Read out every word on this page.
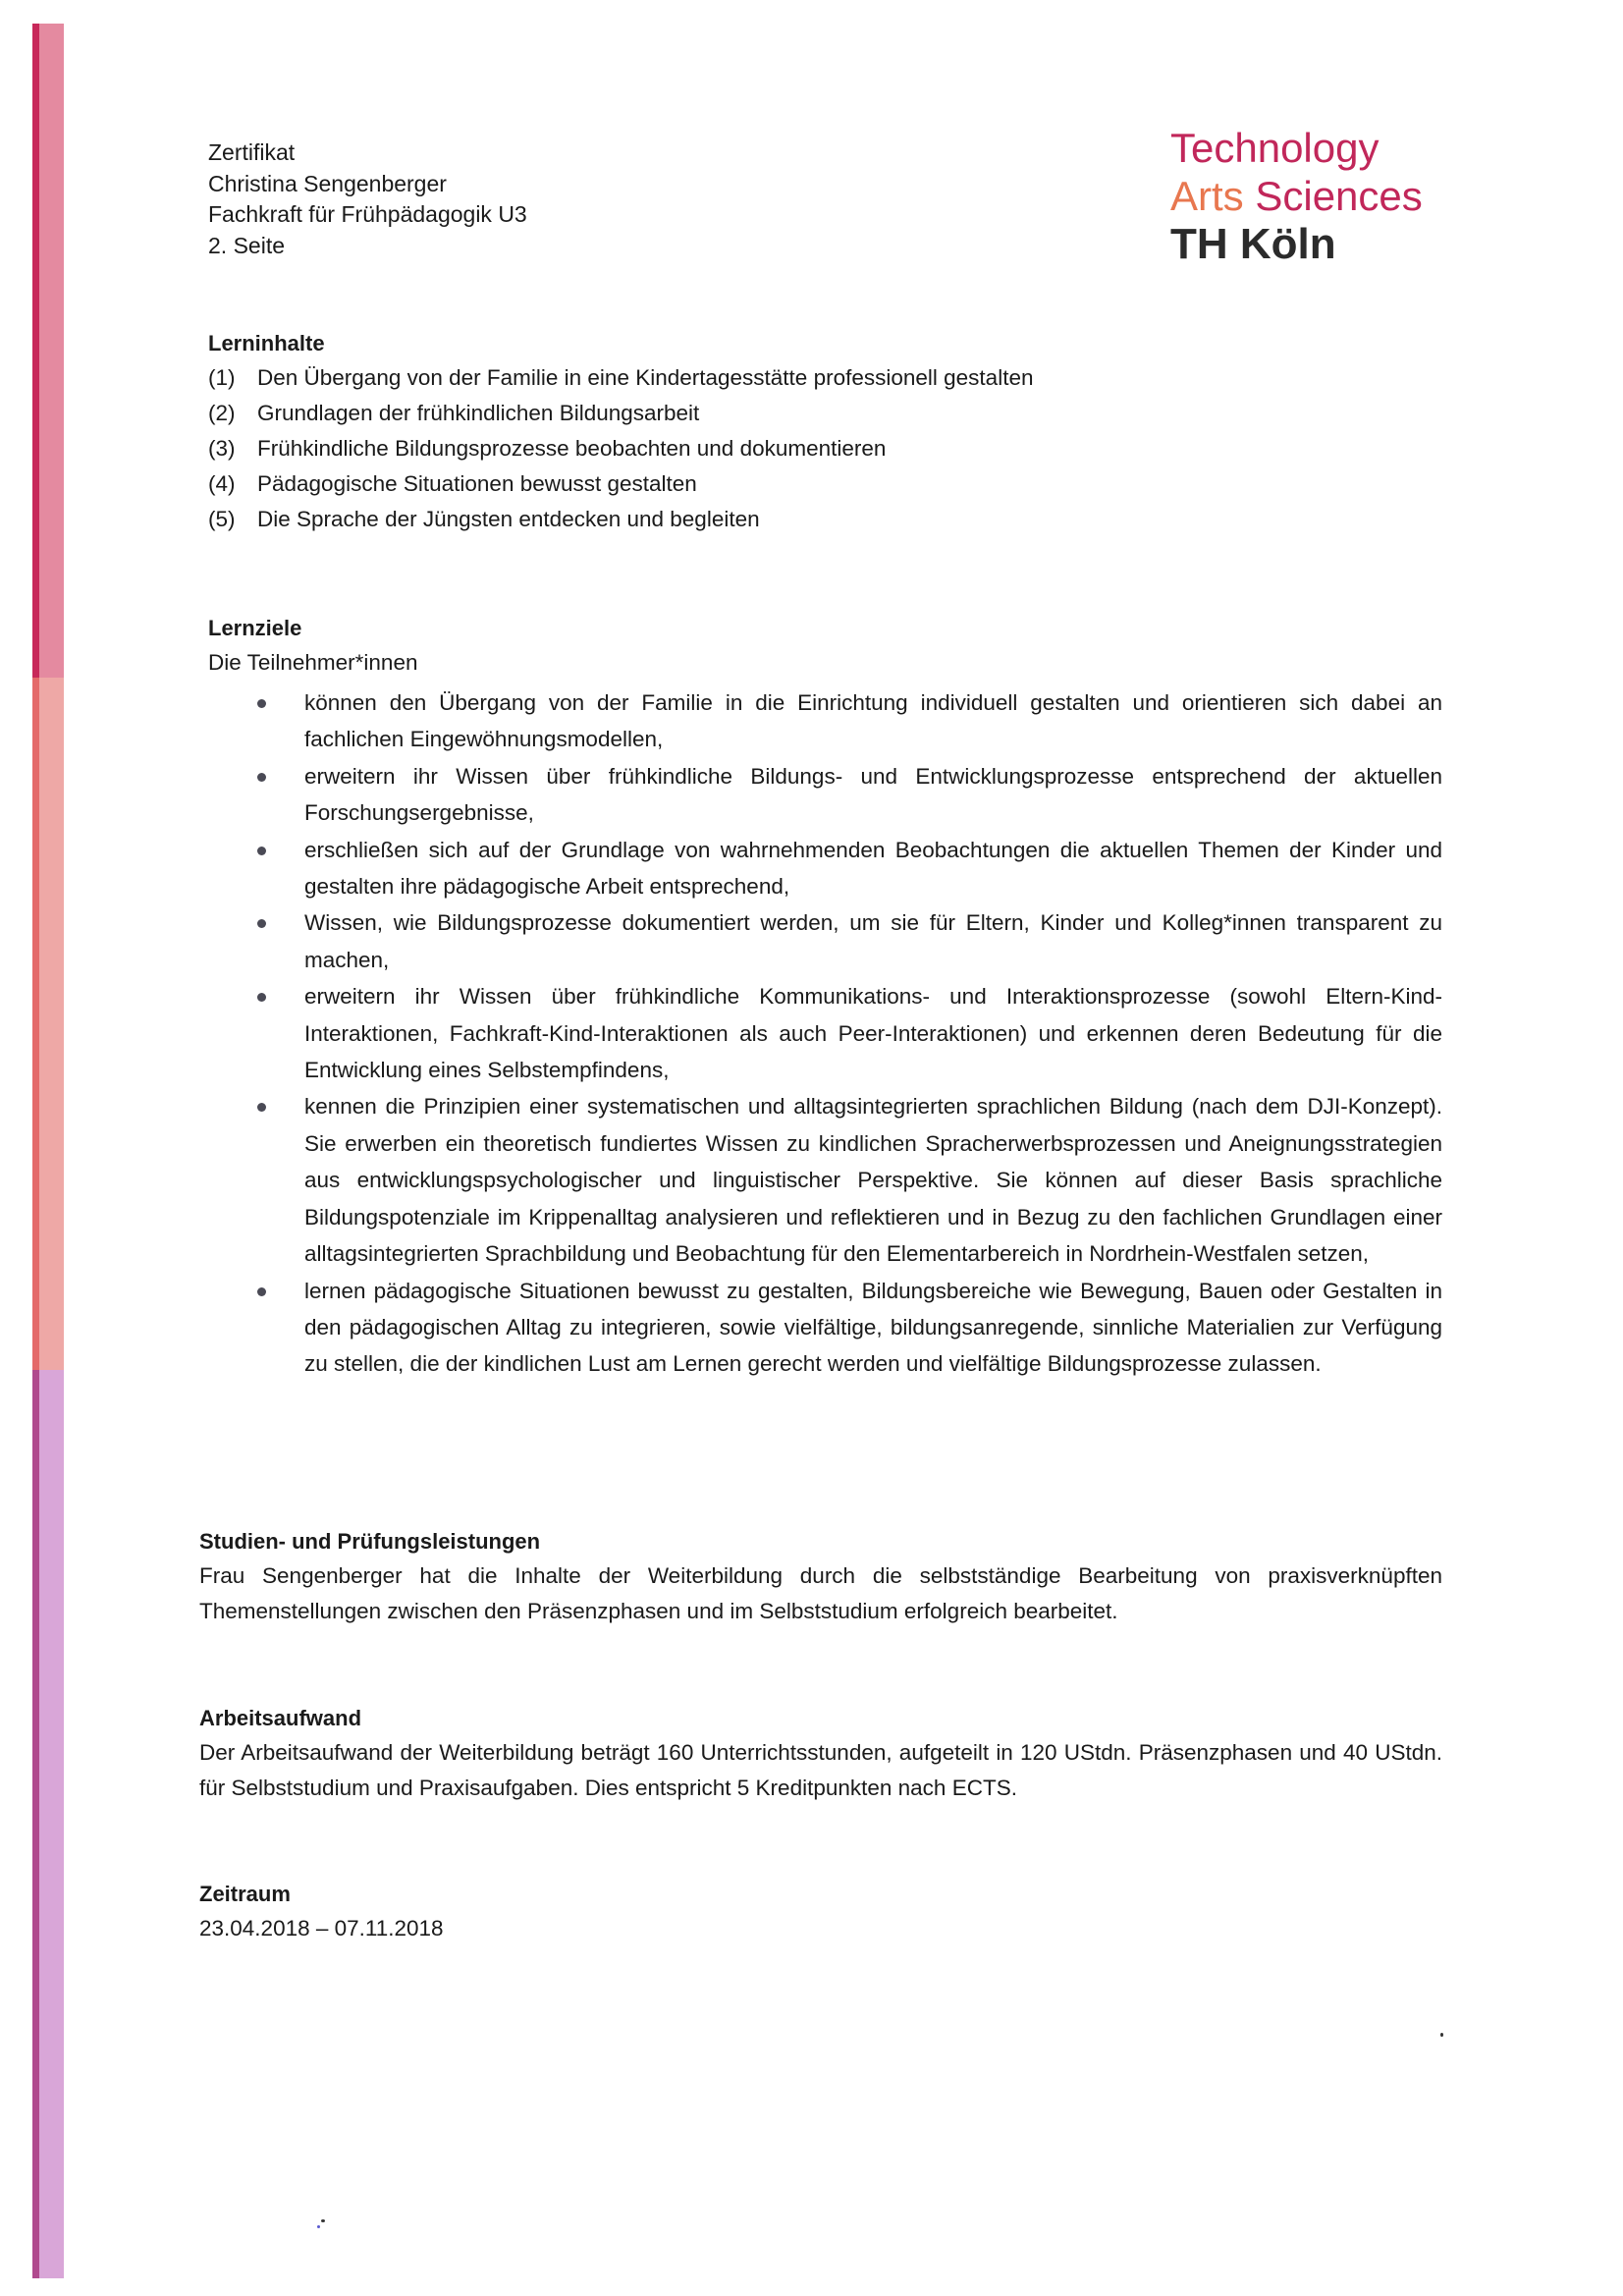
Zertifikat
Christina Sengenberger
Fachkraft für Frühpädagogik U3
2. Seite
Technology
Arts Sciences
TH Köln
Lerninhalte
(1)	Den Übergang von der Familie in eine Kindertagesstätte professionell gestalten
(2)	Grundlagen der frühkindlichen Bildungsarbeit
(3)	Frühkindliche Bildungsprozesse beobachten und dokumentieren
(4)	Pädagogische Situationen bewusst gestalten
(5)	Die Sprache der Jüngsten entdecken und begleiten
Lernziele
Die Teilnehmer*innen
können den Übergang von der Familie in die Einrichtung individuell gestalten und orientieren sich dabei an fachlichen Eingewöhnungsmodellen,
erweitern ihr Wissen über frühkindliche Bildungs- und Entwicklungsprozesse entsprechend der aktuellen Forschungsergebnisse,
erschließen sich auf der Grundlage von wahrnehmenden Beobachtungen die aktuellen Themen der Kinder und gestalten ihre pädagogische Arbeit entsprechend,
Wissen, wie Bildungsprozesse dokumentiert werden, um sie für Eltern, Kinder und Kolleg*innen transparent zu machen,
erweitern ihr Wissen über frühkindliche Kommunikations- und Interaktionsprozesse (sowohl Eltern-Kind-Interaktionen, Fachkraft-Kind-Interaktionen als auch Peer-Interaktionen) und erkennen deren Bedeutung für die Entwicklung eines Selbstempfindens,
kennen die Prinzipien einer systematischen und alltagsintegrierten sprachlichen Bildung (nach dem DJI-Konzept). Sie erwerben ein theoretisch fundiertes Wissen zu kindlichen Spracherwerbsprozessen und Aneignungsstrategien aus entwicklungspsychologischer und linguistischer Perspektive. Sie können auf dieser Basis sprachliche Bildungspotenziale im Krippenalltag analysieren und reflektieren und in Bezug zu den fachlichen Grundlagen einer alltagsintegrierten Sprachbildung und Beobachtung für den Elementarbereich in Nordrhein-Westfalen setzen,
lernen pädagogische Situationen bewusst zu gestalten, Bildungsbereiche wie Bewegung, Bauen oder Gestalten in den pädagogischen Alltag zu integrieren, sowie vielfältige, bildungsanregende, sinnliche Materialien zur Verfügung zu stellen, die der kindlichen Lust am Lernen gerecht werden und vielfältige Bildungsprozesse zulassen.
Studien- und Prüfungsleistungen
Frau Sengenberger hat die Inhalte der Weiterbildung durch die selbstständige Bearbeitung von praxisverknüpften Themenstellungen zwischen den Präsenzphasen und im Selbststudium erfolgreich bearbeitet.
Arbeitsaufwand
Der Arbeitsaufwand der Weiterbildung beträgt 160 Unterrichtsstunden, aufgeteilt in 120 UStdn. Präsenzphasen und 40 UStdn. für Selbststudium und Praxisaufgaben. Dies entspricht 5 Kreditpunkten nach ECTS.
Zeitraum
23.04.2018 – 07.11.2018
